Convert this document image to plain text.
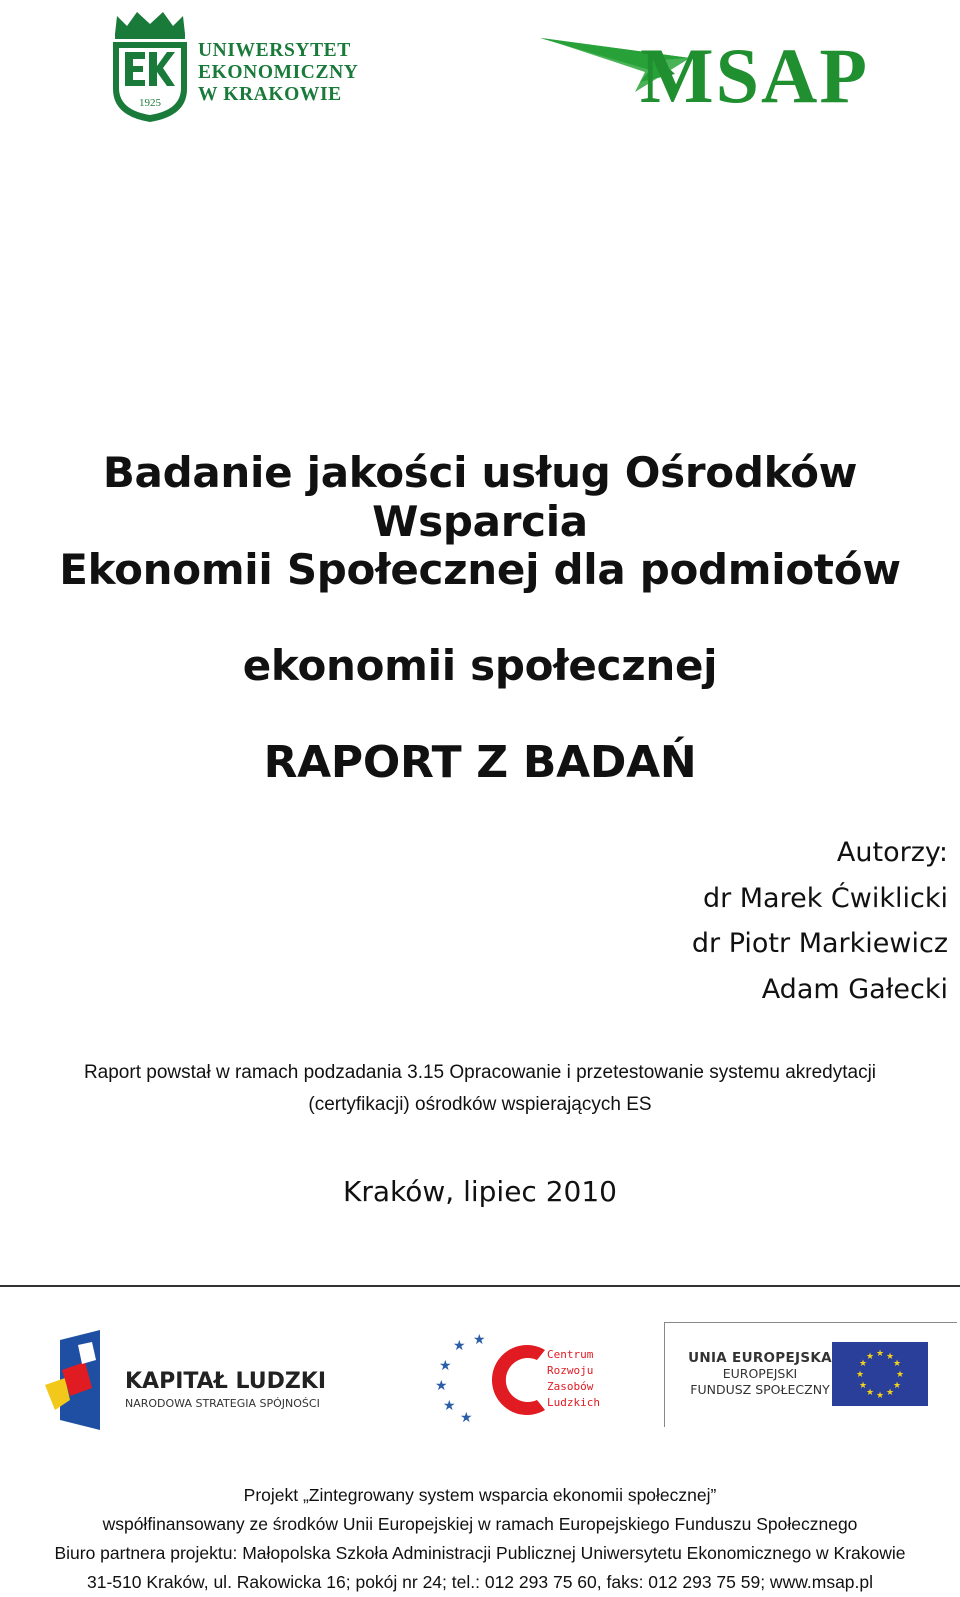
1925
UNIWERSYTET
EKONOMICZNY
W KRAKOWIE	MSAP
Badanie jakości usług Ośrodków Wsparcia
Ekonomii Społecznej dla podmiotów
ekonomii społecznej
RAPORT Z BADAŃ
Autorzy:
dr Marek Ćwiklicki
dr Piotr Markiewicz
Adam Gałecki
Raport powstał w ramach podzadania 3.15 Opracowanie i przetestowanie systemu akredytacji
(certyfikacji) ośrodków wspierających ES
Kraków, lipiec 2010
KAPITAŁ LUDZKI
NARODOWA STRATEGIA SPÓJNOŚCI
★
★
★
★
★
★
Centrum
Rozwoju
Zasobów
Ludzkich
UNIA EUROPEJSKA
EUROPEJSKI
FUNDUSZ SPOŁECZNY
★ ★
★
★
★
★
★
★
★
★
★
★
Projekt „Zintegrowany system wsparcia ekonomii społecznej”
współfinansowany ze środków Unii Europejskiej w ramach Europejskiego Funduszu Społecznego
Biuro partnera projektu: Małopolska Szkoła Administracji Publicznej Uniwersytetu Ekonomicznego w Krakowie
31-510 Kraków, ul. Rakowicka 16; pokój nr 24; tel.: 012 293 75 60, faks: 012 293 75 59; www.msap.pl
